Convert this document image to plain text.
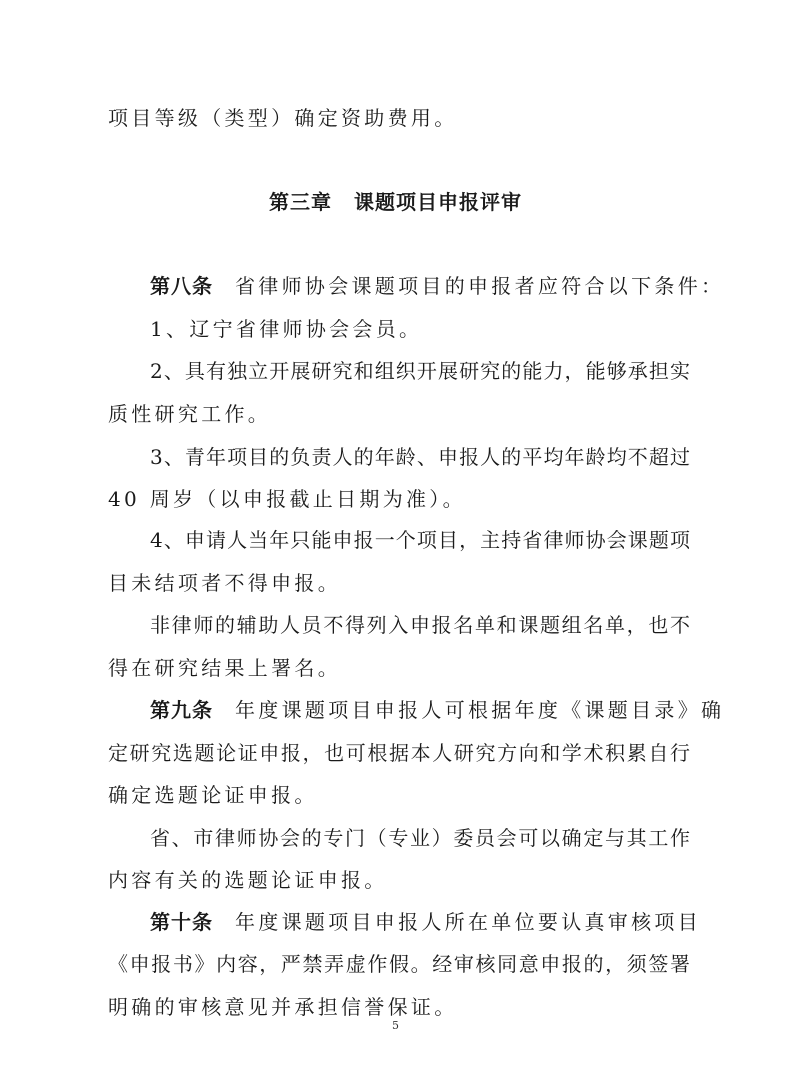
项目等级（类型）确定资助费用。
第三章 课题项目申报评审
第八条 省律师协会课题项目的申报者应符合以下条件：
1、辽宁省律师协会会员。
2、具有独立开展研究和组织开展研究的能力，能够承担实
质性研究工作。
3、青年项目的负责人的年龄、申报人的平均年龄均不超过
40 周岁（以申报截止日期为准）。
4、申请人当年只能申报一个项目，主持省律师协会课题项
目未结项者不得申报。
非律师的辅助人员不得列入申报名单和课题组名单，也不
得在研究结果上署名。
第九条 年度课题项目申报人可根据年度《课题目录》确
定研究选题论证申报，也可根据本人研究方向和学术积累自行
确定选题论证申报。
省、市律师协会的专门（专业）委员会可以确定与其工作
内容有关的选题论证申报。
第十条 年度课题项目申报人所在单位要认真审核项目
《申报书》内容，严禁弄虚作假。经审核同意申报的，须签署
明确的审核意见并承担信誉保证。
5
